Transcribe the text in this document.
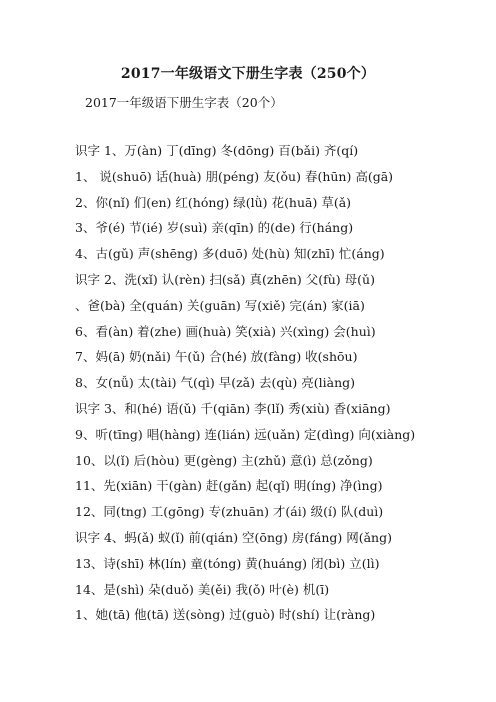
2017一年级语文下册生字表（250个）
2017一年级语下册生字表（20个）
识字 1、万(àn) 丁(dīng) 冬(dōng) 百(bǎi) 齐(qí)
1、 说(shuō) 话(huà) 朋(péng) 友(ǒu) 春(hūn) 高(gā)
2、你(nǐ) 们(en) 红(hóng) 绿(lǜ) 花(huā) 草(ǎ)
3、爷(é) 节(ié) 岁(suì) 亲(qīn) 的(de) 行(háng)
4、古(gǔ) 声(shēng) 多(duō) 处(hù) 知(zhī) 忙(áng)
识字 2、洗(xǐ) 认(rèn) 扫(sǎ) 真(zhēn) 父(fù) 母(ǔ)
、爸(bà) 全(quán) 关(guān) 写(xiě) 完(án) 家(iā)
6、看(àn) 着(zhe) 画(huà) 笑(xià) 兴(xìng) 会(huì)
7、妈(ā) 奶(nǎi) 午(ǔ) 合(hé) 放(fàng) 收(shōu)
8、女(nǚ) 太(tài) 气(qì) 早(zǎ) 去(qù) 亮(liàng)
识字 3、和(hé) 语(ǔ) 千(qiān) 李(lǐ) 秀(xiù) 香(xiāng)
9、听(tīng) 唱(hàng) 连(lián) 远(uǎn) 定(dìng) 向(xiàng)
10、以(ǐ) 后(hòu) 更(gèng) 主(zhǔ) 意(ì) 总(zǒng)
11、先(xiān) 干(gàn) 赶(gǎn) 起(qǐ) 明(íng) 净(ìng)
12、同(tng) 工(gōng) 专(zhuān) 才(ái) 级(í) 队(duì)
识字 4、蚂(ǎ) 蚁(ǐ) 前(qián) 空(ōng) 房(fáng) 网(ǎng)
13、诗(shī) 林(lín) 童(tóng) 黄(huáng) 闭(bì) 立(lì)
14、是(shì) 朵(duǒ) 美(ěi) 我(ǒ) 叶(è) 机(ī)
1、她(tā) 他(tā) 送(sòng) 过(guò) 时(shí) 让(ràng)
